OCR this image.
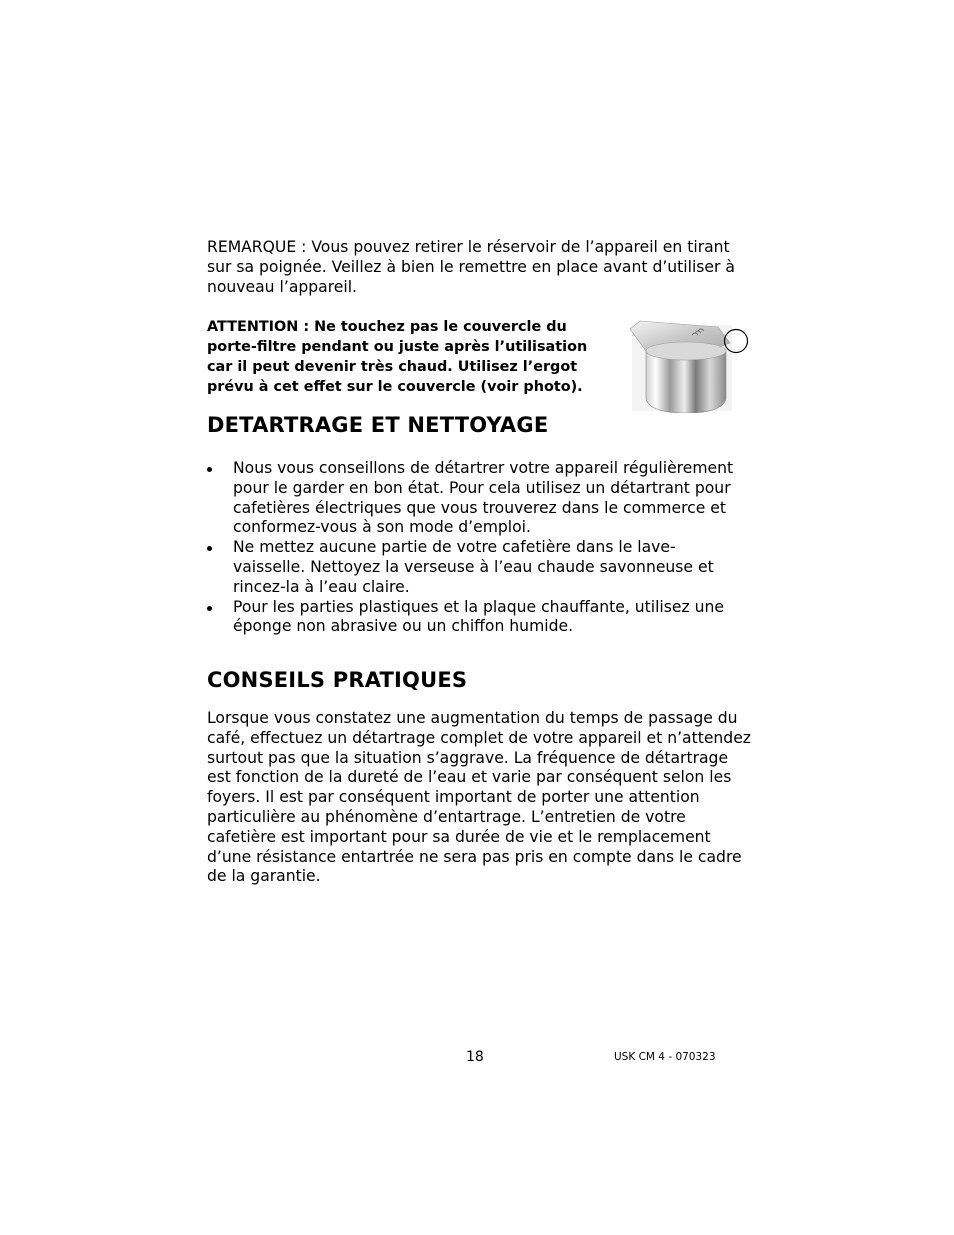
REMARQUE : Vous pouvez retirer le réservoir de l’appareil en tirant sur sa poignée. Veillez à bien le remettre en place avant d’utiliser à nouveau l’appareil.

ATTENTION : Ne touchez pas le couvercle du porte-filtre pendant ou juste après l’utilisation car il peut devenir très chaud. Utilisez l’ergot prévu à cet effet sur le couvercle (voir photo).

DETARTRAGE ET NETTOYAGE
Nous vous conseillons de détartrer votre appareil régulièrement pour le garder en bon état. Pour cela utilisez un détartrant pour cafetières électriques que vous trouverez dans le commerce et conformez-vous à son mode d’emploi.
Ne mettez aucune partie de votre cafetière dans le lave-vaisselle. Nettoyez la verseuse à l’eau chaude savonneuse et rincez-la à l’eau claire.
Pour les parties plastiques et la plaque chauffante, utilisez une éponge non abrasive ou un chiffon humide.
CONSEILS PRATIQUES

Lorsque vous constatez une augmentation du temps de passage du café, effectuez un détartrage complet de votre appareil et n’attendez surtout pas que la situation s’aggrave. La fréquence de détartrage est fonction de la dureté de l’eau et varie par conséquent selon les foyers. Il est par conséquent important de porter une attention particulière au phénomène d’entartrage. L’entretien de votre cafetière est important pour sa durée de vie et le remplacement d’une résistance entartrée ne sera pas pris en compte dans le cadre de la garantie.

18	USK CM 4 - 070323
